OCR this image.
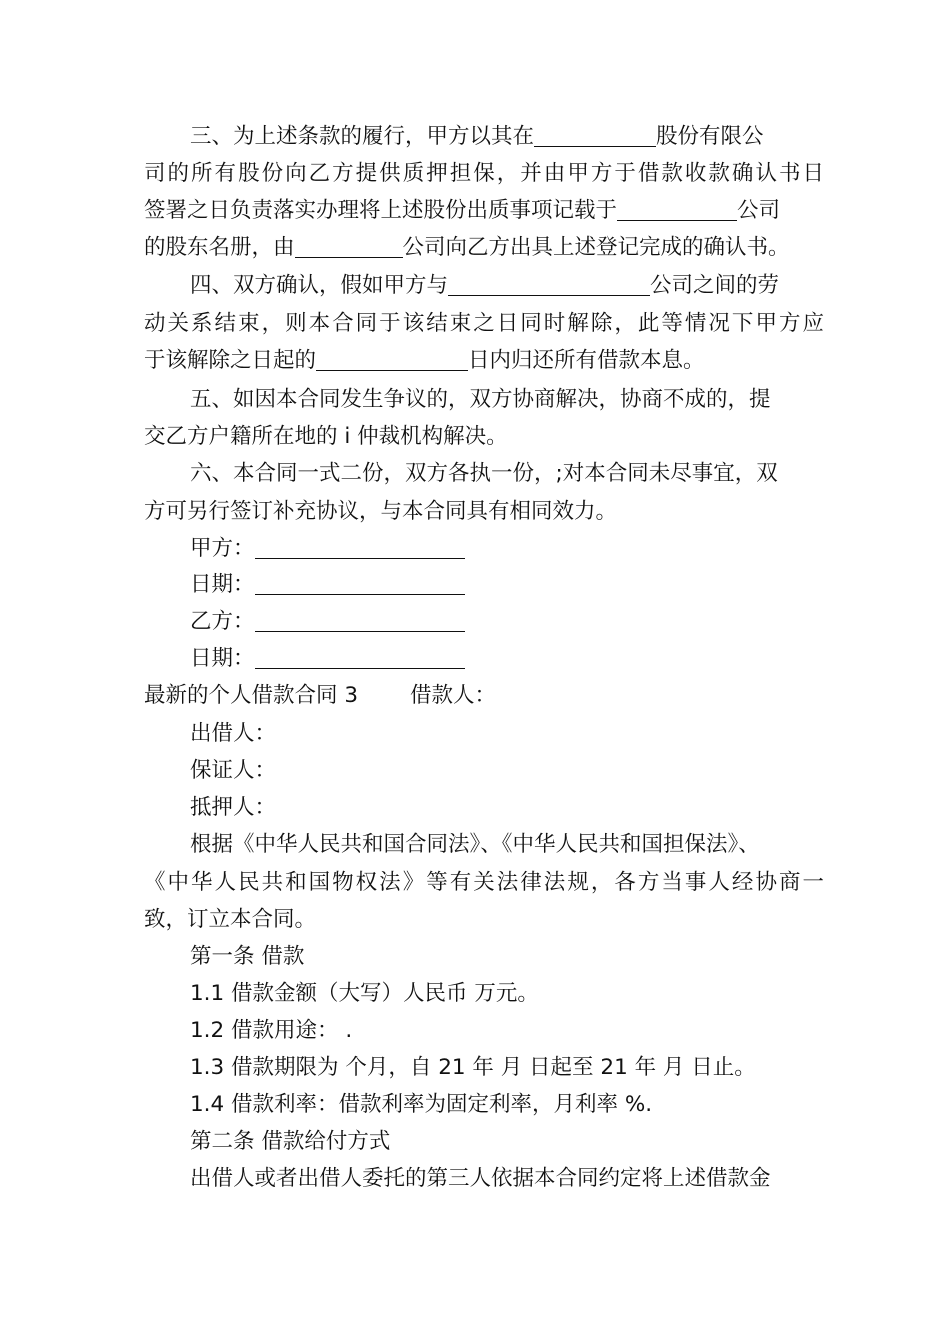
三、为上述条款的履行，甲方以其在	股份有限公
司的所有股份向乙方提供质押担保，并由甲方于借款收款确认书日
签署之日负责落实办理将上述股份出质事项记载于	公司
的股东名册，由	公司向乙方出具上述登记完成的确认书。
四、双方确认，假如甲方与	公司之间的劳
动关系结束，则本合同于该结束之日同时解除，此等情况下甲方应
于该解除之日起的	日内归还所有借款本息。
五、如因本合同发生争议的，双方协商解决，协商不成的，提
交乙方户籍所在地的 i 仲裁机构解决。
六、本合同一式二份，双方各执一份，;对本合同未尽事宜，双
方可另行签订补充协议，与本合同具有相同效力。
甲方：
日期：
乙方：
日期：
最新的个人借款合同 3 借款人：
出借人：
保证人：
抵押人：
根据《中华人民共和国合同法》、《中华人民共和国担保法》、
《中华人民共和国物权法》等有关法律法规，各方当事人经协商一
致，订立本合同。
第一条 借款
1.1 借款金额（大写）人民币 万元。
1.2 借款用途： .
1.3 借款期限为 个月，自 21 年 月 日起至 21 年 月 日止。
1.4 借款利率：借款利率为固定利率，月利率 %.
第二条 借款给付方式
出借人或者出借人委托的第三人依据本合同约定将上述借款金
